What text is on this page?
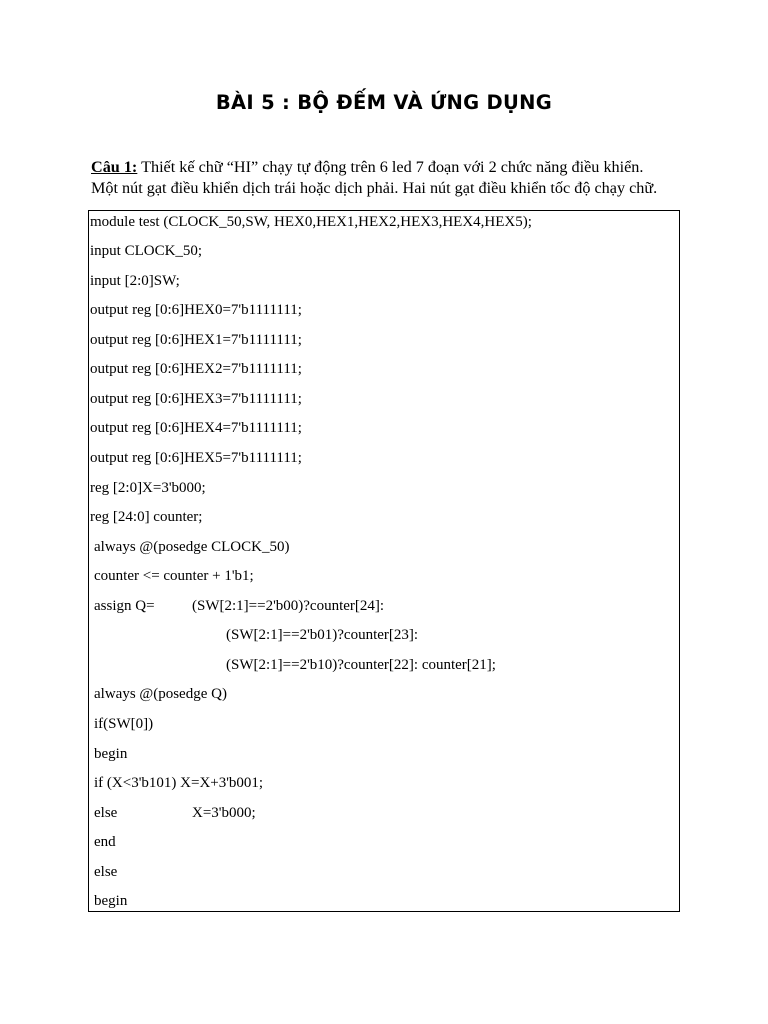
BÀI 5 : BỘ ĐẾM VÀ ỨNG DỤNG
Câu 1: Thiết kế chữ “HI” chạy tự động trên 6 led 7 đoạn với 2 chức năng điều khiển.
Một nút gạt điều khiển dịch trái hoặc dịch phải. Hai nút gạt điều khiển tốc độ chạy chữ.
module test (CLOCK_50,SW, HEX0,HEX1,HEX2,HEX3,HEX4,HEX5);
input CLOCK_50;
input [2:0]SW;
output reg [0:6]HEX0=7'b1111111;
output reg [0:6]HEX1=7'b1111111;
output reg [0:6]HEX2=7'b1111111;
output reg [0:6]HEX3=7'b1111111;
output reg [0:6]HEX4=7'b1111111;
output reg [0:6]HEX5=7'b1111111;
reg [2:0]X=3'b000;
reg [24:0] counter;
always @(posedge CLOCK_50)
counter <= counter + 1'b1;
assign Q= (SW[2:1]==2'b00)?counter[24]:
(SW[2:1]==2'b01)?counter[23]:
(SW[2:1]==2'b10)?counter[22]: counter[21];
always @(posedge Q)
if(SW[0])
begin
if (X<3'b101) X=X+3'b001;
else	X=3'b000;
end
else
begin
